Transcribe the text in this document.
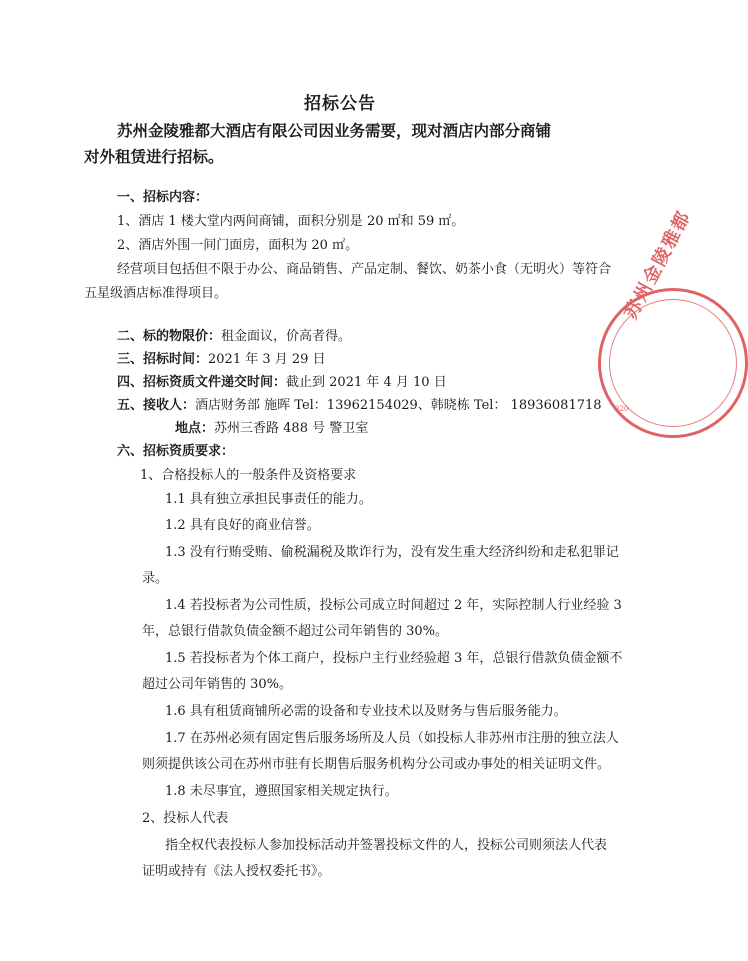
招标公告
苏州金陵雅都大酒店有限公司因业务需要，现对酒店内部分商铺
对外租赁进行招标。
一、招标内容：
1、酒店 1 楼大堂内两间商铺，面积分别是 20 ㎡和 59 ㎡。
2、酒店外围一间门面房，面积为 20 ㎡。
经营项目包括但不限于办公、商品销售、产品定制、餐饮、奶茶小食（无明火）等符合
五星级酒店标准得项目。
二、标的物限价：租金面议，价高者得。
三、招标时间：2021 年 3 月 29 日
四、招标资质文件递交时间：截止到 2021 年 4 月 10 日
五、接收人：酒店财务部 施晖 Tel：13962154029、韩晓栋 Tel： 18936081718
地点：苏州三香路 488 号 警卫室
六、招标资质要求：
1、合格投标人的一般条件及资格要求
1.1 具有独立承担民事责任的能力。
1.2 具有良好的商业信誉。
1.3 没有行贿受贿、偷税漏税及欺诈行为，没有发生重大经济纠纷和走私犯罪记
录。
1.4 若投标者为公司性质，投标公司成立时间超过 2 年，实际控制人行业经验 3
年，总银行借款负债金额不超过公司年销售的 30%。
1.5 若投标者为个体工商户，投标户主行业经验超 3 年，总银行借款负债金额不
超过公司年销售的 30%。
1.6 具有租赁商铺所必需的设备和专业技术以及财务与售后服务能力。
1.7 在苏州必须有固定售后服务场所及人员（如投标人非苏州市注册的独立法人
则须提供该公司在苏州市驻有长期售后服务机构分公司或办事处的相关证明文件。
1.8 未尽事宜，遵照国家相关规定执行。
2、投标人代表
指全权代表投标人参加投标活动并签署投标文件的人，投标公司则须法人代表
证明或持有《法人授权委托书》。
苏州金陵雅都
320
